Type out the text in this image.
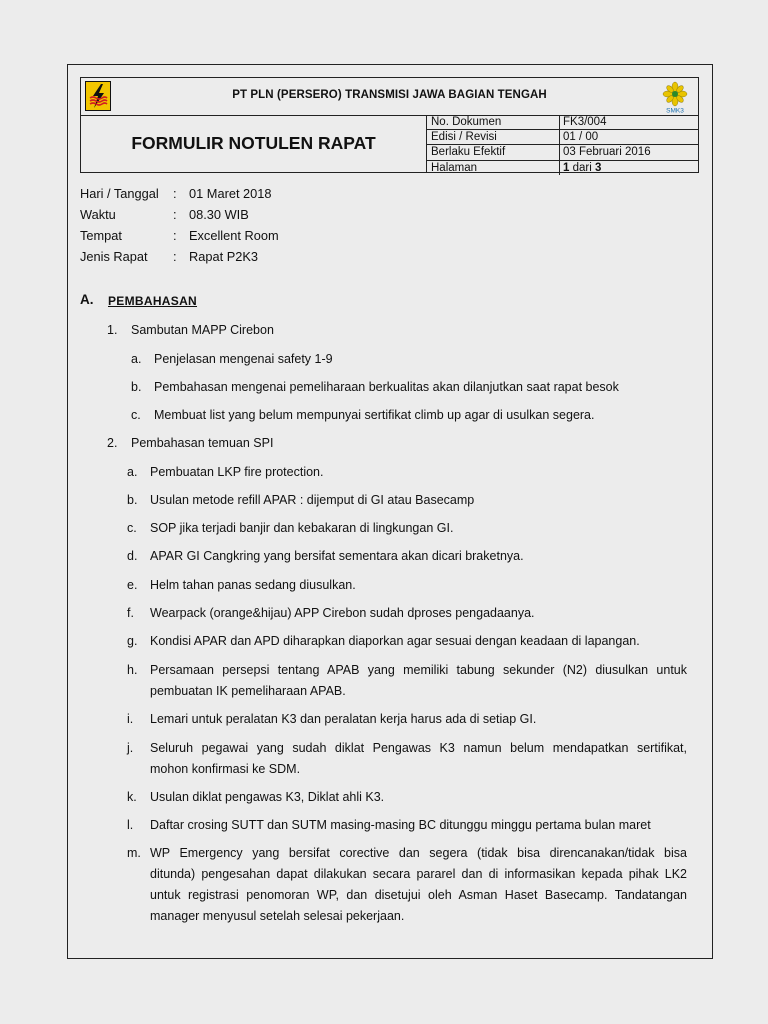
PT PLN (PERSERO) TRANSMISI JAWA BAGIAN TENGAH
SMK3
FORMULIR NOTULEN RAPAT
No. Dokumen	FK3/004
Edisi / Revisi	01 / 00
Berlaku Efektif	03 Februari 2016
Halaman	1 dari 3
Hari / Tanggal	: 01 Maret 2018
Waktu	: 08.30 WIB
Tempat	: Excellent Room
Jenis Rapat	: Rapat P2K3
A. PEMBAHASAN
1. Sambutan MAPP Cirebon
a. Penjelasan mengenai safety 1-9
b. Pembahasan mengenai pemeliharaan berkualitas akan dilanjutkan saat rapat besok
c. Membuat list yang belum mempunyai sertifikat climb up agar di usulkan segera.
2. Pembahasan temuan SPI
a. Pembuatan LKP fire protection.
b. Usulan metode refill APAR : dijemput di GI atau Basecamp
c. SOP jika terjadi banjir dan kebakaran di lingkungan GI.
d. APAR GI Cangkring yang bersifat sementara akan dicari braketnya.
e. Helm tahan panas sedang diusulkan.
f. Wearpack (orange&hijau) APP Cirebon sudah dproses pengadaanya.
g. Kondisi APAR dan APD diharapkan diaporkan agar sesuai dengan keadaan di lapangan.
h. Persamaan persepsi tentang APAB yang memiliki tabung sekunder (N2) diusulkan untuk
pembuatan IK pemeliharaan APAB.
i. Lemari untuk peralatan K3 dan peralatan kerja harus ada di setiap GI.
j. Seluruh pegawai yang sudah diklat Pengawas K3 namun belum mendapatkan sertifikat,
mohon konfirmasi ke SDM.
k. Usulan diklat pengawas K3, Diklat ahli K3.
l. Daftar crosing SUTT dan SUTM masing-masing BC ditunggu minggu pertama bulan maret
m. WP Emergency yang bersifat corective dan segera (tidak bisa direncanakan/tidak bisa
ditunda) pengesahan dapat dilakukan secara pararel dan di informasikan kepada pihak LK2
untuk registrasi penomoran WP, dan disetujui oleh Asman Haset Basecamp. Tandatangan
manager menyusul setelah selesai pekerjaan.
